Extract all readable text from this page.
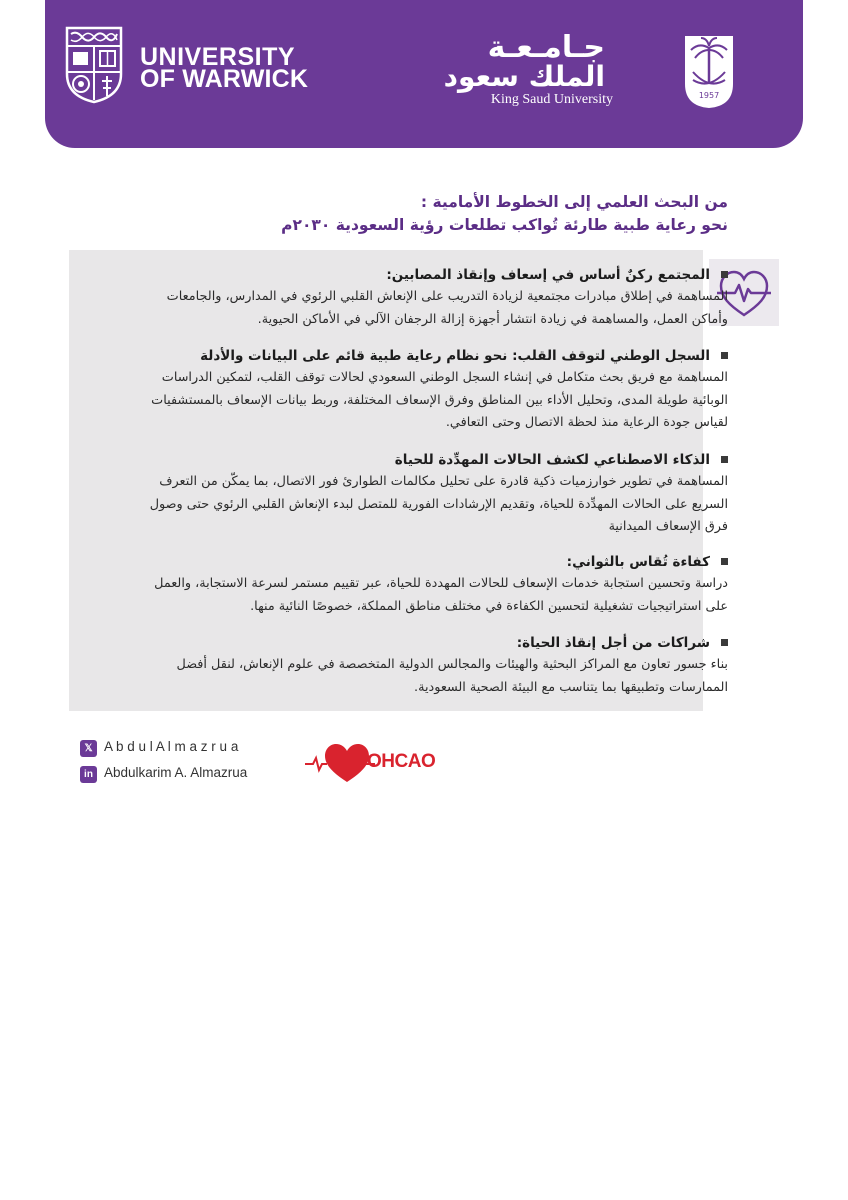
UNIVERSITY
OF WARWICK
جـامـعـة
الملك سعود
King Saud University	1957
من البحث العلمي إلى الخطوط الأمامية :
نحو رعاية طبية طارئة تُواكب تطلعات رؤية السعودية ٢٠٣٠م
المجتمع ركنٌ أساس في إسعاف وإنقاذ المصابين:
المساهمة في إطلاق مبادرات مجتمعية لزيادة التدريب على الإنعاش القلبي الرئوي في المدارس، والجامعات وأماكن العمل، والمساهمة في زيادة انتشار أجهزة إزالة الرجفان الآلي في الأماكن الحيوية.
السجل الوطني لتوقف القلب: نحو نظام رعاية طبية قائم على البيانات والأدلة
المساهمة مع فريق بحث متكامل في إنشاء السجل الوطني السعودي لحالات توقف القلب، لتمكين الدراسات الوبائية طويلة المدى، وتحليل الأداء بين المناطق وفرق الإسعاف المختلفة، وربط بيانات الإسعاف بالمستشفيات لقياس جودة الرعاية منذ لحظة الاتصال وحتى التعافي.
الذكاء الاصطناعي لكشف الحالات المهدِّدة للحياة
المساهمة في تطوير خوارزميات ذكية قادرة على تحليل مكالمات الطوارئ فور الاتصال، بما يمكّن من التعرف السريع على الحالات المهدِّدة للحياة، وتقديم الإرشادات الفورية للمتصل لبدء الإنعاش القلبي الرئوي حتى وصول فرق الإسعاف الميدانية
كفاءة تُقاس بالثواني:
دراسة وتحسين استجابة خدمات الإسعاف للحالات المهددة للحياة، عبر تقييم مستمر لسرعة الاستجابة، والعمل على استراتيجيات تشغيلية لتحسين الكفاءة في مختلف مناطق المملكة، خصوصًا النائية منها.
شراكات من أجل إنقاذ الحياة:
بناء جسور تعاون مع المراكز البحثية والهيئات والمجالس الدولية المتخصصة في علوم الإنعاش، لنقل أفضل الممارسات وتطبيقها بما يتناسب مع البيئة الصحية السعودية.
𝕏 A b d u l A l m a z r u a
in Abdulkarim A. Almazrua
OHCAO
